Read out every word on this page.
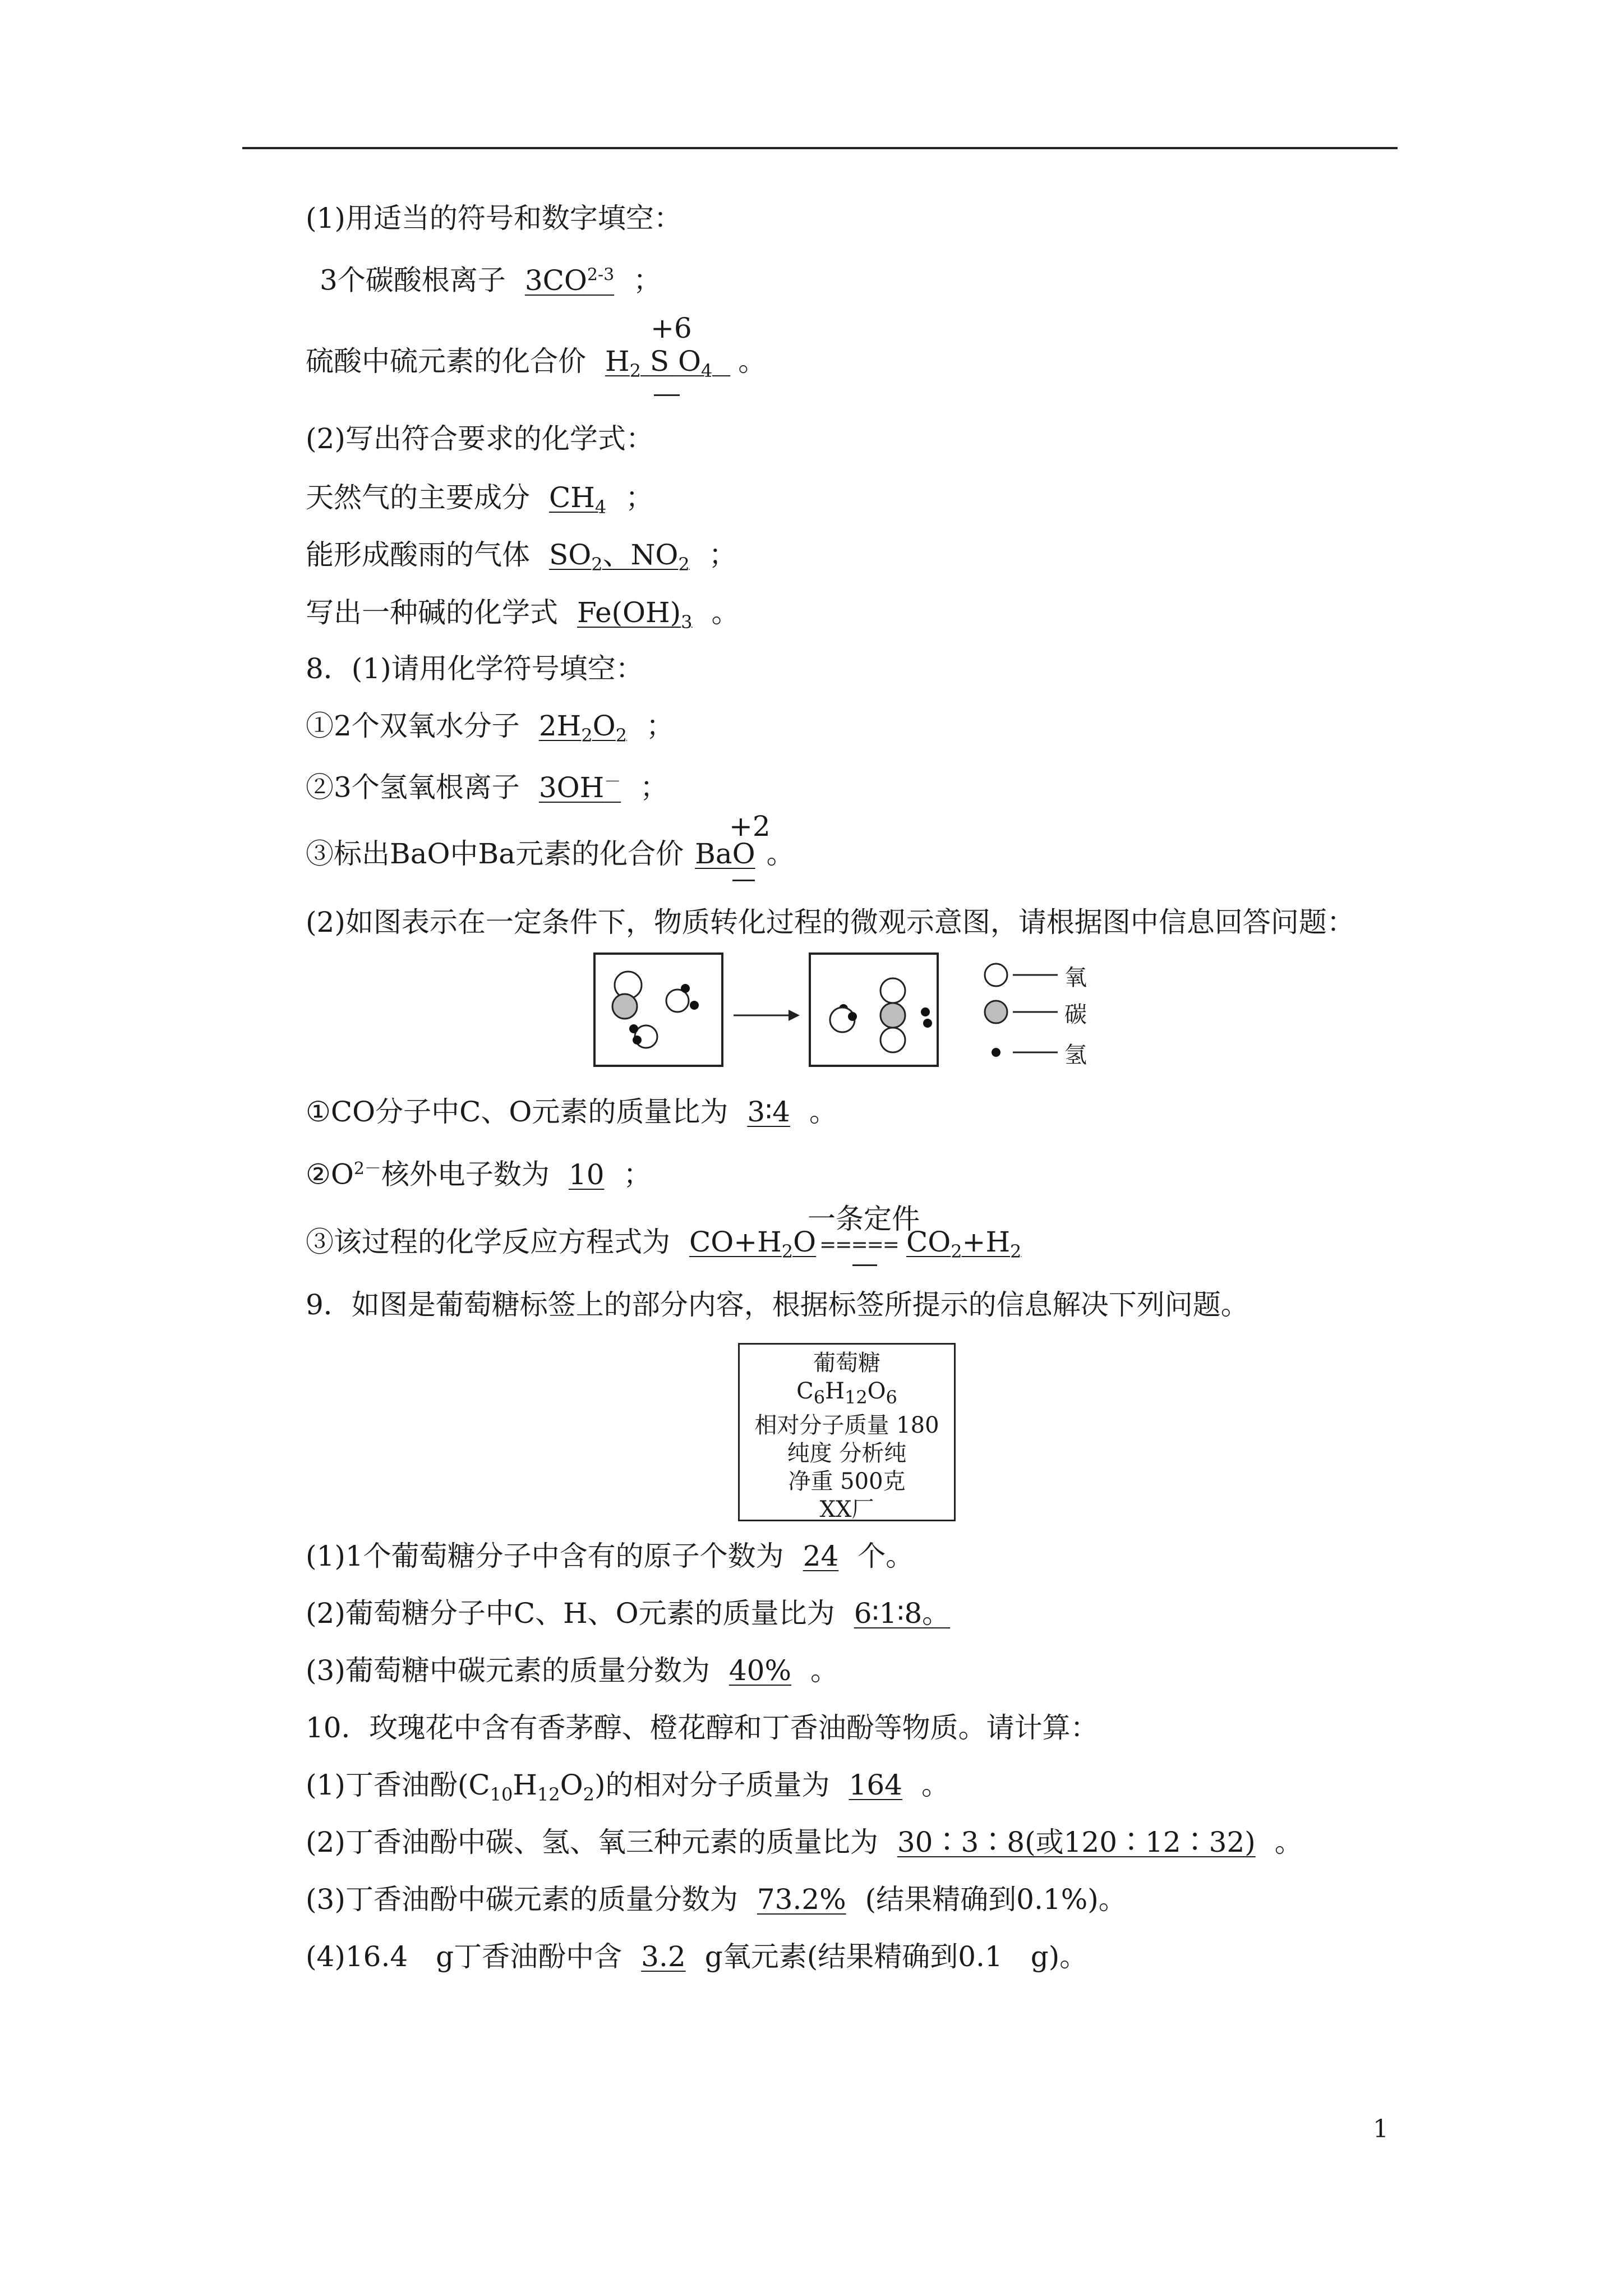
(1)用适当的符号和数字填空：
3个碳酸根离子 3CO$^{2-3}$ ；
+6
硫酸中硫元素的化合价 $H_2$ S $O_4$ 。
(2)写出符合要求的化学式：
天然气的主要成分 $CH_4$ ；
能形成酸雨的气体 $SO_2$、$NO_2$ ；
写出一种碱的化学式 $Fe(OH)_3$ 。
8．(1)请用化学符号填空：
①2个双氧水分子 $2H_2O_2$ ；
②3个氢氧根离子 3OH－ ；
+2
③标出BaO中Ba元素的化合价 BaO 。
(2)如图表示在一定条件下，物质转化过程的微观示意图，请根据图中信息回答问题：
氧
碳
氢
①CO分子中C、O元素的质量比为 3∶4 。
$②O^{2-}$核外电子数为 10 ；
一条定件
③该过程的化学反应方程式为 $CO+H_2O$ ===== $CO_2+H_2$
9．如图是葡萄糖标签上的部分内容，根据标签所提示的信息解决下列问题。
葡萄糖
$C_6H_{12}O_6$
相对分子质量 180
纯度 分析纯
净重 500克
XX厂
(1)1个葡萄糖分子中含有的原子个数为 24 个。
(2)葡萄糖分子中C、H、O元素的质量比为 6∶1∶8。
(3)葡萄糖中碳元素的质量分数为 40% 。
10．玫瑰花中含有香茅醇、橙花醇和丁香油酚等物质。请计算：
(1)丁香油酚$(C_{10}H_{12}O_2)$的相对分子质量为 164 。
(2)丁香油酚中碳、氢、氧三种元素的质量比为 30∶3∶8(或120∶12∶32) 。
(3)丁香油酚中碳元素的质量分数为 73.2% (结果精确到0.1%)。
(4)16.4　g丁香油酚中含 3.2 g氧元素(结果精确到0.1　g)。
1
